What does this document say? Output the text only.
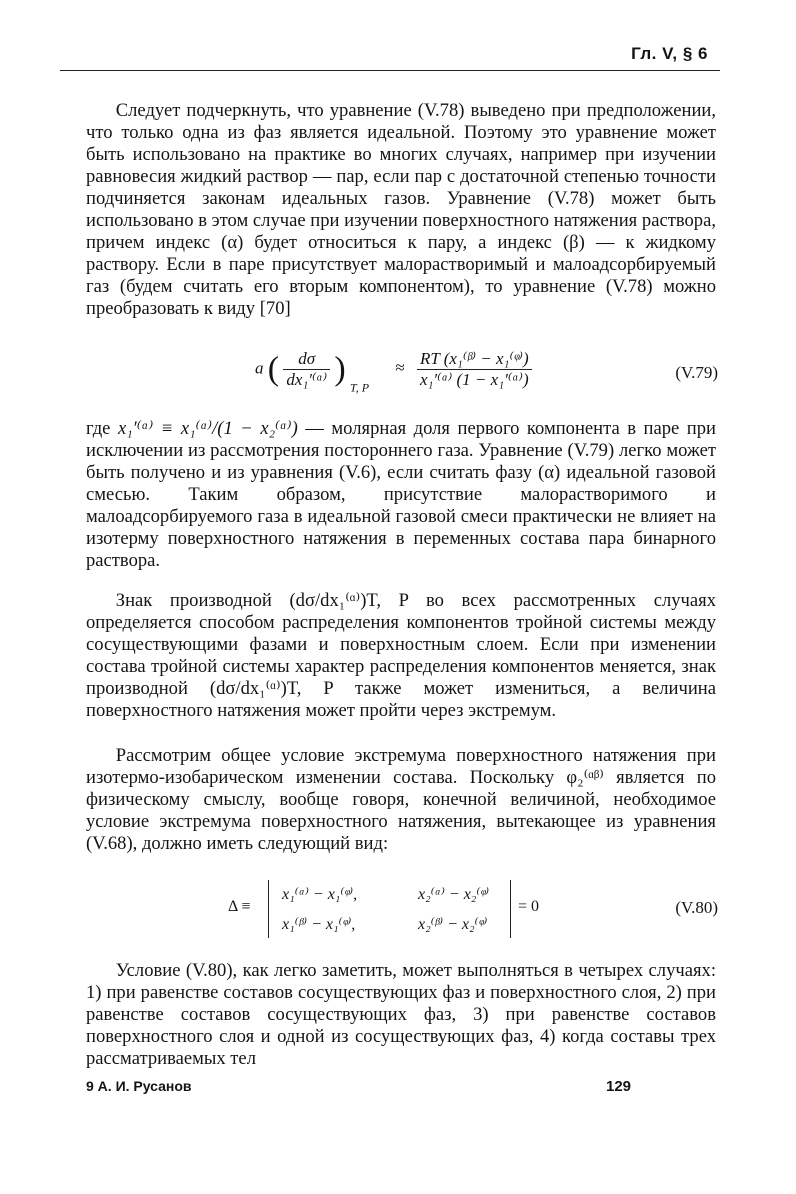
Гл. V, § 6

Следует подчеркнуть, что уравнение (V.78) выведено при предположении, что только одна из фаз является идеальной. Поэтому это уравнение может быть использовано на практике во многих случаях, например при изучении равновесия жидкий раствор — пар, если пар с достаточной степенью точности подчиняется законам идеальных газов. Уравнение (V.78) может быть использовано в этом случае при изучении поверхностного натяжения раствора, причем индекс (α) будет относиться к пару, а индекс (β) — к жидкому раствору. Если в паре присутствует малорастворимый и малоадсорбируемый газ (будем считать его вторым компонентом), то уравнение (V.78) можно преобразовать к виду [70]

a ( $\frac{d\sigma}{\text{dx₁′⁽ᵅ⁾}}$ ) $_{T, P} \approx \frac{\text{RT (x₁⁽ᵝ⁾ − x₁⁽ᵠ⁾)}}{\text{x₁′⁽ᵅ⁾ (1 − x₁′⁽ᵅ⁾)}}$	(V.79)

где x₁′⁽ᵅ⁾ ≡ x₁⁽ᵅ⁾/(1 − x₂⁽ᵅ⁾) — молярная доля первого компонента в паре при исключении из рассмотрения постороннего газа. Уравнение (V.79) легко может быть получено и из уравнения (V.6), если считать фазу (α) идеальной газовой смесью. Таким образом, присутствие малорастворимого и малоадсорбируемого газа в идеальной газовой смеси практически не влияет на изотерму поверхностного натяжения в переменных состава пара бинарного раствора.

Знак производной (dσ/dx₁⁽ᵅ⁾)T, P во всех рассмотренных случаях определяется способом распределения компонентов тройной системы между сосуществующими фазами и поверхностным слоем. Если при изменении состава тройной системы характер распределения компонентов меняется, знак производной (dσ/dx₁⁽ᵅ⁾)T, P также может измениться, а величина поверхностного натяжения может пройти через экстремум.

Рассмотрим общее условие экстремума поверхностного натяжения при изотермо-изобарическом изменении состава. Поскольку φ₂⁽ᵅᵝ⁾ является по физическому смыслу, вообще говоря, конечной величиной, необходимое условие экстремума поверхностного натяжения, вытекающее из уравнения (V.68), должно иметь следующий вид:

Δ ≡
x₁⁽ᵅ⁾ − x₁⁽ᵠ⁾,	x₂⁽ᵅ⁾ − x₂⁽ᵠ⁾
x₁⁽ᵝ⁾ − x₁⁽ᵠ⁾,	x₂⁽ᵝ⁾ − x₂⁽ᵠ⁾
= 0	(V.80)

Условие (V.80), как легко заметить, может выполняться в четырех случаях: 1) при равенстве составов сосуществующих фаз и поверхностного слоя, 2) при равенстве составов сосуществующих фаз, 3) при равенстве составов поверхностного слоя и одной из сосуществующих фаз, 4) когда составы трех рассматриваемых тел

9 А. И. Русанов	129
